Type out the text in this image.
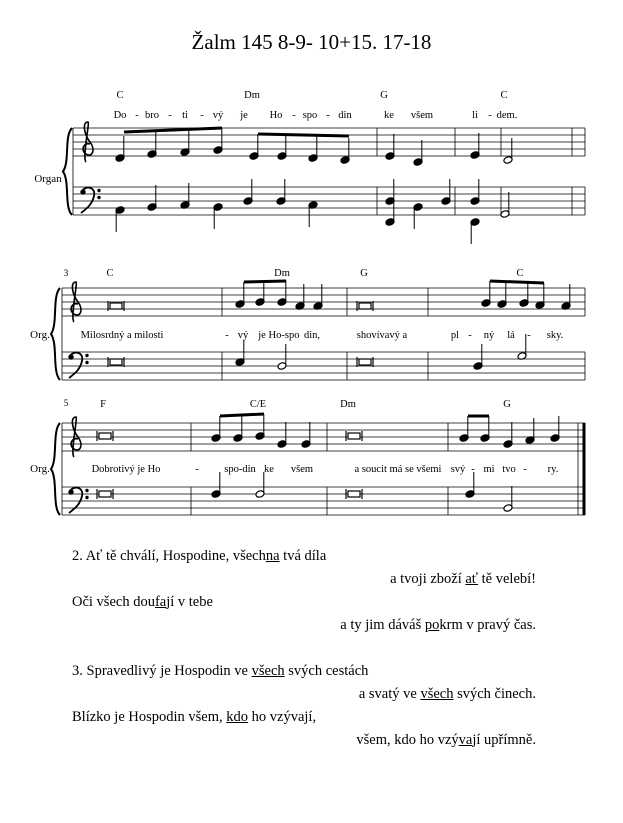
Žalm 145 8-9- 10+15. 17-18
Organ
C	Dm	G	C
Do - bro - ti - vý je Ho - spo - din	ke všem	li - dem.
Org.
3	C	Dm	G	C
Milosrdný a milosti	- vý je Ho-spo din,	shovívavý a	pl - ný lá - sky.
Org.
5	F	C/E	Dm	G
Dobrotivý je Ho	- spo-din ke všem	a soucit má se všemi svý - mi tvo - ry.
2. Ať tě chválí, Hospodine, všechna tvá díla
a tvoji zboží ať tě velebí!
Oči všech doufají v tebe
a ty jim dáváš pokrm v pravý čas.
3. Spravedlivý je Hospodin ve všech svých cestách
a svatý ve všech svých činech.
Blízko je Hospodin všem, kdo ho vzývají,
všem, kdo ho vzývají upřímně.
